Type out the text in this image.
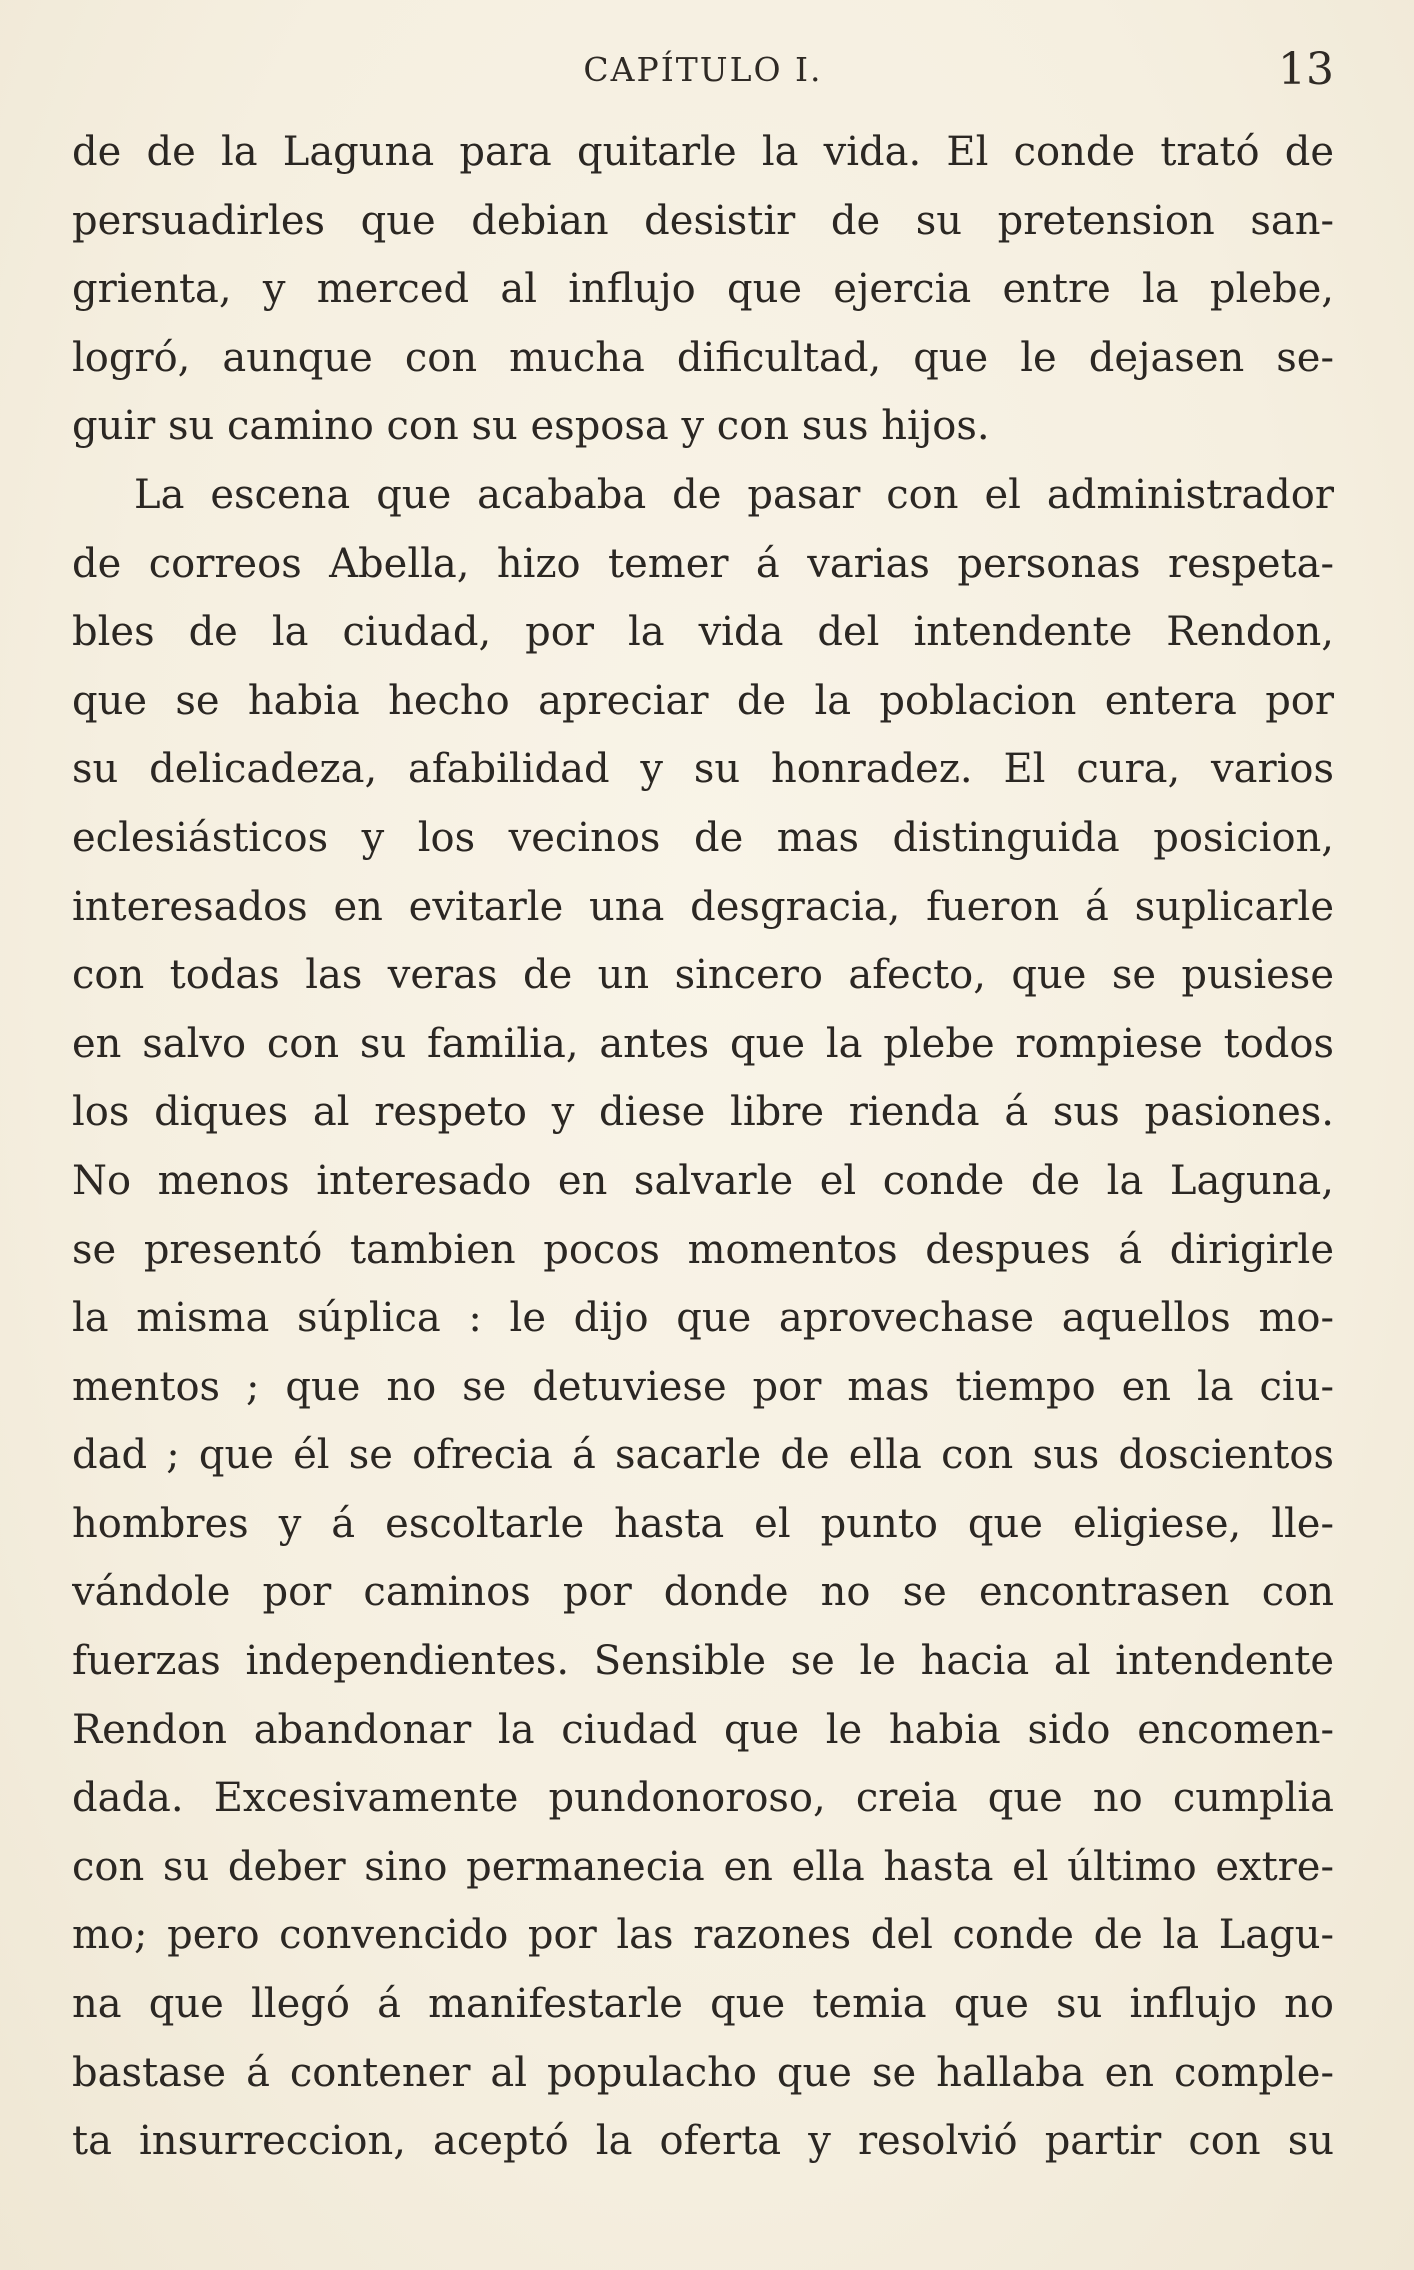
CAPÍTULO I.	13
de de la Laguna para quitarle la vida. El conde trató de
persuadirles que debian desistir de su pretension san-
grienta, y merced al influjo que ejercia entre la plebe,
logró, aunque con mucha dificultad, que le dejasen se-
guir su camino con su esposa y con sus hijos.
La escena que acababa de pasar con el administrador
de correos Abella, hizo temer á varias personas respeta-
bles de la ciudad, por la vida del intendente Rendon,
que se habia hecho apreciar de la poblacion entera por
su delicadeza, afabilidad y su honradez. El cura, varios
eclesiásticos y los vecinos de mas distinguida posicion,
interesados en evitarle una desgracia, fueron á suplicarle
con todas las veras de un sincero afecto, que se pusiese
en salvo con su familia, antes que la plebe rompiese todos
los diques al respeto y diese libre rienda á sus pasiones.
No menos interesado en salvarle el conde de la Laguna,
se presentó tambien pocos momentos despues á dirigirle
la misma súplica : le dijo que aprovechase aquellos mo-
mentos ; que no se detuviese por mas tiempo en la ciu-
dad ; que él se ofrecia á sacarle de ella con sus doscientos
hombres y á escoltarle hasta el punto que eligiese, lle-
vándole por caminos por donde no se encontrasen con
fuerzas independientes. Sensible se le hacia al intendente
Rendon abandonar la ciudad que le habia sido encomen-
dada. Excesivamente pundonoroso, creia que no cumplia
con su deber sino permanecia en ella hasta el último extre-
mo; pero convencido por las razones del conde de la Lagu-
na que llegó á manifestarle que temia que su influjo no
bastase á contener al populacho que se hallaba en comple-
ta insurreccion, aceptó la oferta y resolvió partir con su
